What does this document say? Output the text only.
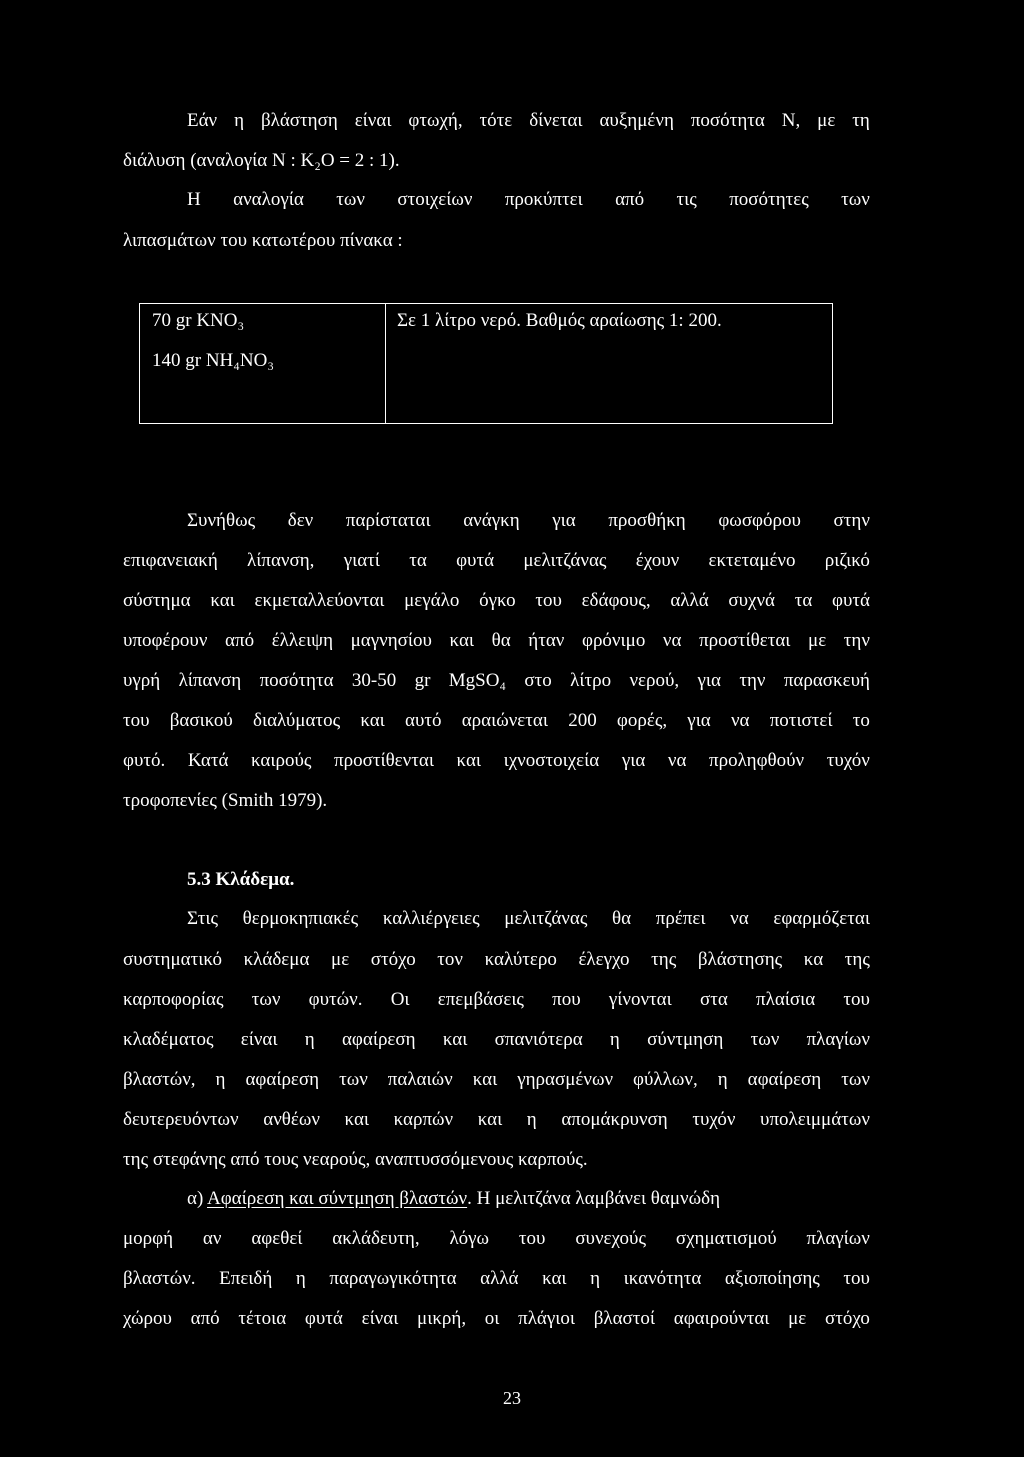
Εάν η βλάστηση είναι φτωχή, τότε δίνεται αυξημένη ποσότητα Ν, με τη

διάλυση (αναλογία Ν : K₂O = 2 : 1).

Η αναλογία των στοιχείων προκύπτει από τις ποσότητες των

λιπασμάτων του κατωτέρου πίνακα :

70 gr KNO₃
140 gr NH₄NO₃
Σε 1 λίτρο νερό. Βαθμός αραίωσης 1: 200.
Συνήθως δεν παρίσταται ανάγκη για προσθήκη φωσφόρου στην
επιφανειακή λίπανση, γιατί τα φυτά μελιτζάνας έχουν εκτεταμένο ριζικό
σύστημα και εκμεταλλεύονται μεγάλο όγκο του εδάφους, αλλά συχνά τα φυτά
υποφέρουν από έλλειψη μαγνησίου και θα ήταν φρόνιμο να προστίθεται με την
υγρή λίπανση ποσότητα 30-50 gr MgSO₄ στο λίτρο νερού, για την παρασκευή
του βασικού διαλύματος και αυτό αραιώνεται 200 φορές, για να ποτιστεί το
φυτό. Κατά καιρούς προστίθενται και ιχνοστοιχεία για να προληφθούν τυχόν

τροφοπενίες (Smith 1979).

5.3 Κλάδεμα.

Στις θερμοκηπιακές καλλιέργειες μελιτζάνας θα πρέπει να εφαρμόζεται
συστηματικό κλάδεμα με στόχο τον καλύτερο έλεγχο της βλάστησης κα της
καρποφορίας των φυτών. Οι επεμβάσεις που γίνονται στα πλαίσια του
κλαδέματος είναι η αφαίρεση και σπανιότερα η σύντμηση των πλαγίων
βλαστών, η αφαίρεση των παλαιών και γηρασμένων φύλλων, η αφαίρεση των
δευτερευόντων ανθέων και καρπών και η απομάκρυνση τυχόν υπολειμμάτων

της στεφάνης από τους νεαρούς, αναπτυσσόμενους καρπούς.

α) Αφαίρεση και σύντμηση βλαστών. Η μελιτζάνα λαμβάνει θαμνώδη

μορφή αν αφεθεί ακλάδευτη, λόγω του συνεχούς σχηματισμού πλαγίων
βλαστών. Επειδή η παραγωγικότητα αλλά και η ικανότητα αξιοποίησης του
χώρου από τέτοια φυτά είναι μικρή, οι πλάγιοι βλαστοί αφαιρούνται με στόχο
23
